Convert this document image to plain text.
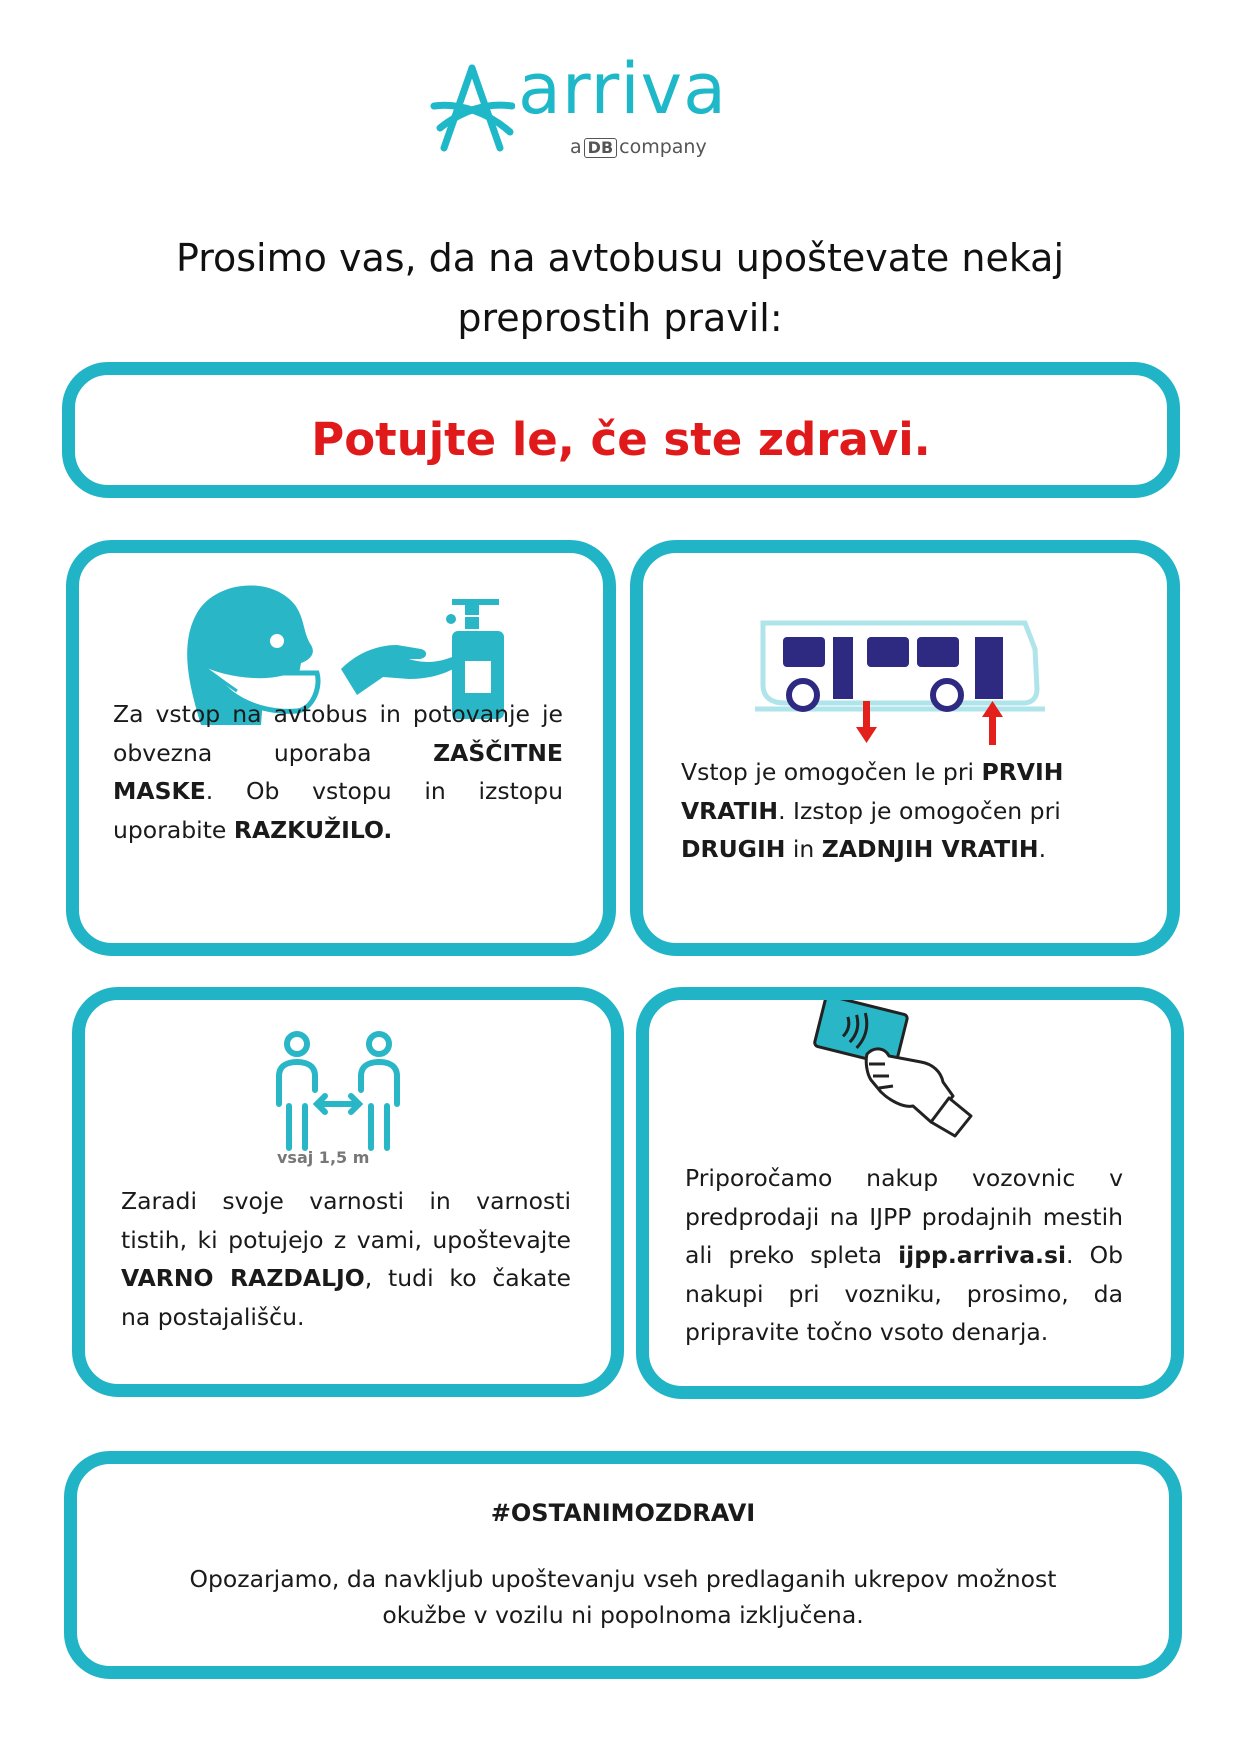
arriva
a DB company
Prosimo vas, da na avtobusu upoštevate nekaj
preprostih pravil:
Potujte le, če ste zdravi.
Za vstop na avtobus in potovanje je obvezna uporaba ZAŠČITNE MASKE. Ob vstopu in izstopu uporabite RAZKUŽILO.
Vstop je omogočen le pri PRVIH VRATIH. Izstop je omogočen pri DRUGIH in ZADNJIH VRATIH.
vsaj 1,5 m
Zaradi svoje varnosti in varnosti tistih, ki potujejo z vami, upoštevajte VARNO RAZDALJO, tudi ko čakate na postajališču.
Priporočamo nakup vozovnic v predprodaji na IJPP prodajnih mestih ali preko spleta ijpp.arriva.si. Ob nakupi pri vozniku, prosimo, da pripravite točno vsoto denarja.
#OSTANIMOZDRAVI
Opozarjamo, da navkljub upoštevanju vseh predlaganih ukrepov možnost
okužbe v vozilu ni popolnoma izključena.
